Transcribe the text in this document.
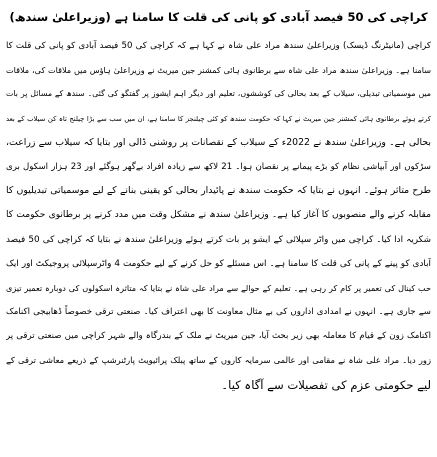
کراچی کی 50 فیصد آبادی کو پانی کی قلت کا سامنا ہے (وزیراعلیٰ سندھ)
کراچی (مانیٹرنگ ڈیسک) وزیراعلیٰ سندھ مراد علی شاہ نے کہا ہے کہ کراچی کی 50 فیصد آبادی کو پانی کی قلت کا
سامنا ہے۔ وزیراعلیٰ سندھ مراد علی شاہ سے برطانوی ہائی کمشنر جین میریٹ نے وزیراعلیٰ ہاؤس میں ملاقات کی، ملاقات
میں موسمیاتی تبدیلی، سیلاب کے بعد بحالی کی کوششوں، تعلیم اور دیگر اہم ایشوز پر گفتگو کی گئی۔ سندھ کے مسائل پر بات
کرتے ہوئے برطانوی ہائی کمشنر جین میریٹ نے کہا کہ حکومت سندھ کو کئی چیلنجز کا سامنا ہے، ان میں سب سے بڑا چیلنج تاہ کن سیلاب کے بعد
بحالی ہے۔ وزیراعلیٰ سندھ نے 2022ء کے سیلاب کے نقصانات پر روشنی ڈالی اور بتایا کہ سیلاب سے زراعت،
سڑکوں اور آبپاشی نظام کو بڑے پیمانے پر نقصان ہوا۔ 21 لاکھ سے زیادہ افراد بےگھر ہوگئے اور 23 ہزار اسکول بری
طرح متاثر ہوئے۔ انہوں نے بتایا کہ حکومت سندھ نے پائیدار بحالی کو یقینی بنانے کے لیے موسمیاتی تبدیلیوں کا
مقابلہ کرنے والے منصوبوں کا آغاز کیا ہے۔ وزیراعلیٰ سندھ نے مشکل وقت میں مدد کرنے پر برطانوی حکومت کا
شکریہ ادا کیا۔ کراچی میں واٹر سپلائی کے ایشو پر بات کرتے ہوئے وزیراعلیٰ سندھ نے بتایا کہ کراچی کی 50 فیصد
آبادی کو پینے کے پانی کی قلت کا سامنا ہے۔ اس مسئلے کو حل کرنے کے لیے حکومت 4 واٹرسپلائی پروجیکٹ اور ایک
حب کینال کی تعمیر پر کام کر رہی ہے۔ تعلیم کے حوالے سے مراد علی شاہ نے بتایا کہ متاثرہ اسکولوں کی دوبارہ تعمیر تیزی
سے جاری ہے۔ انہوں نے امدادی اداروں کی بے مثال معاونت کا بھی اعتراف کیا۔ صنعتی ترقی خصوصاً ڈھابیجی اکنامک
اکنامک زون کے قیام کا معاملہ بھی زیر بحث آیا، جین میریٹ نے ملک کے بندرگاہ والے شہر کراچی میں صنعتی ترقی پر
زور دیا۔ مراد علی شاہ نے مقامی اور عالمی سرمایہ کاروں کے ساتھ پبلک پرائیویٹ پارٹنرشپ کے ذریعے معاشی ترقی کے
لیے حکومتی عزم کی تفصیلات سے آگاہ کیا۔
